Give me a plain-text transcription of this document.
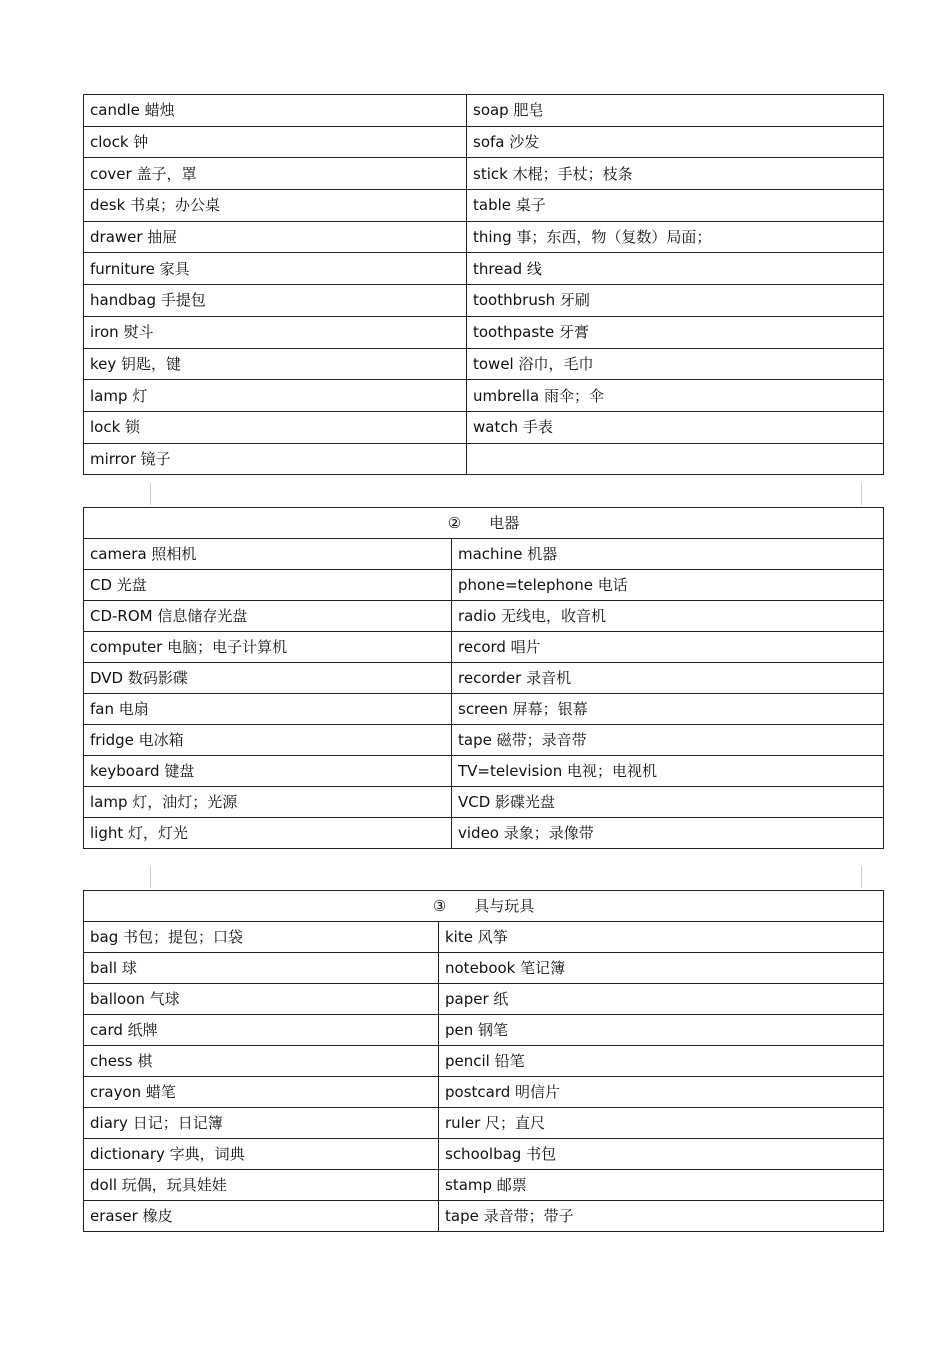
candle 蜡烛	soap 肥皂
clock 钟	sofa 沙发
cover 盖子，罩	stick 木棍；手杖；枝条
desk 书桌；办公桌	table 桌子
drawer 抽屉	thing 事；东西，物（复数）局面；
furniture 家具	thread 线
handbag 手提包	toothbrush 牙刷
iron 熨斗	toothpaste 牙膏
key 钥匙，键	towel 浴巾，毛巾
lamp 灯	umbrella 雨伞；伞
lock 锁	watch 手表
mirror 镜子	
② 电器	
camera 照相机	machine 机器
CD 光盘	phone=telephone 电话
CD-ROM 信息储存光盘	radio 无线电，收音机
computer 电脑；电子计算机	record 唱片
DVD 数码影碟	recorder 录音机
fan 电扇	screen 屏幕；银幕
fridge 电冰箱	tape 磁带；录音带
keyboard 键盘	TV=television 电视；电视机
lamp 灯，油灯；光源	VCD 影碟光盘
light 灯，灯光	video 录象；录像带
③ 具与玩具	
bag 书包；提包；口袋	kite 风筝
ball 球	notebook 笔记簿
balloon 气球	paper 纸
card 纸牌	pen 钢笔
chess 棋	pencil 铅笔
crayon 蜡笔	postcard 明信片
diary 日记；日记簿	ruler 尺；直尺
dictionary 字典，词典	schoolbag 书包
doll 玩偶，玩具娃娃	stamp 邮票
eraser 橡皮	tape 录音带；带子
